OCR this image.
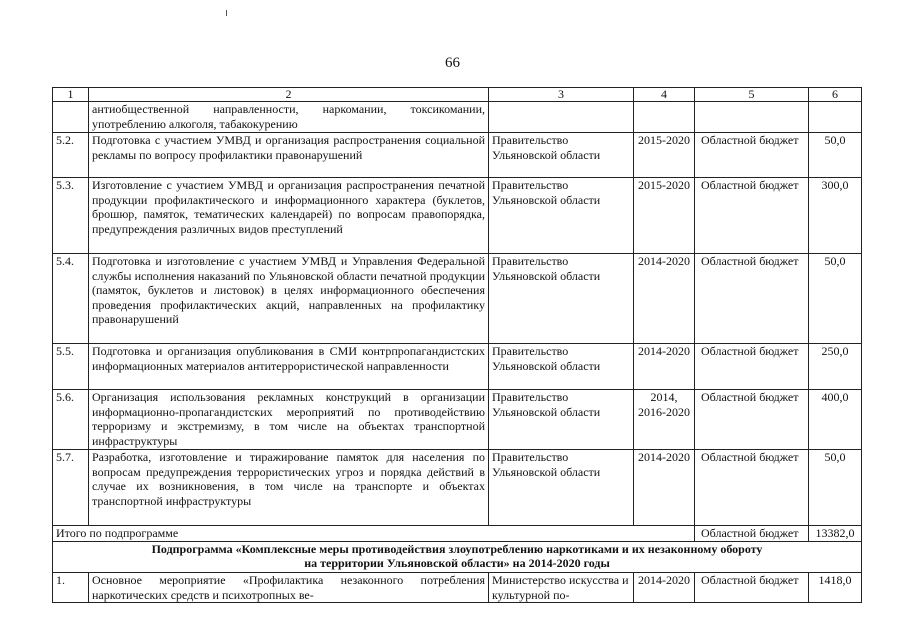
66
1	2	3	4	5	6
	антиобщественной направленности, наркомании, токсикомании, употреблению алкоголя, табакокурению				
5.2.	Подготовка с участием УМВД и организация распространения социальной рекламы по вопросу профилактики правонарушений	Правительство Ульяновской области	2015-2020	Областной бюджет	50,0
5.3.	Изготовление с участием УМВД и организация распространения печатной продукции профилактического и информационного характера (буклетов, брошюр, памяток, тематических календарей) по вопросам правопорядка, предупреждения различных видов преступлений	Правительство Ульяновской области	2015-2020	Областной бюджет	300,0
5.4.	Подготовка и изготовление с участием УМВД и Управления Федеральной службы исполнения наказаний по Ульяновской области печатной продукции (памяток, буклетов и листовок) в целях информационного обеспечения проведения профилактических акций, направленных на профилактику правонарушений	Правительство Ульяновской области	2014-2020	Областной бюджет	50,0
5.5.	Подготовка и организация опубликования в СМИ контрпропагандистских информационных материалов антитеррористической направленности	Правительство Ульяновской области	2014-2020	Областной бюджет	250,0
5.6.	Организация использования рекламных конструкций в организации информационно-пропагандистских мероприятий по противодействию терроризму и экстремизму, в том числе на объектах транспортной инфраструктуры	Правительство Ульяновской области	2014, 2016-2020	Областной бюджет	400,0
5.7.	Разработка, изготовление и тиражирование памяток для населения по вопросам предупреждения террористических угроз и порядка действий в случае их возникновения, в том числе на транспорте и объектах транспортной инфраструктуры	Правительство Ульяновской области	2014-2020	Областной бюджет	50,0
Итого по подпрограмме				Областной бюджет	13382,0

Подпрограмма «Комплексные меры противодействия злоупотреблению наркотиками и их незаконному обороту
на территории Ульяновской области» на 2014-2020 годы					

1.	Основное мероприятие «Профилактика незаконного потребления наркотических средств и психотропных ве-	Министерство искусства и культурной по-	2014-2020	Областной бюджет	1418,0
